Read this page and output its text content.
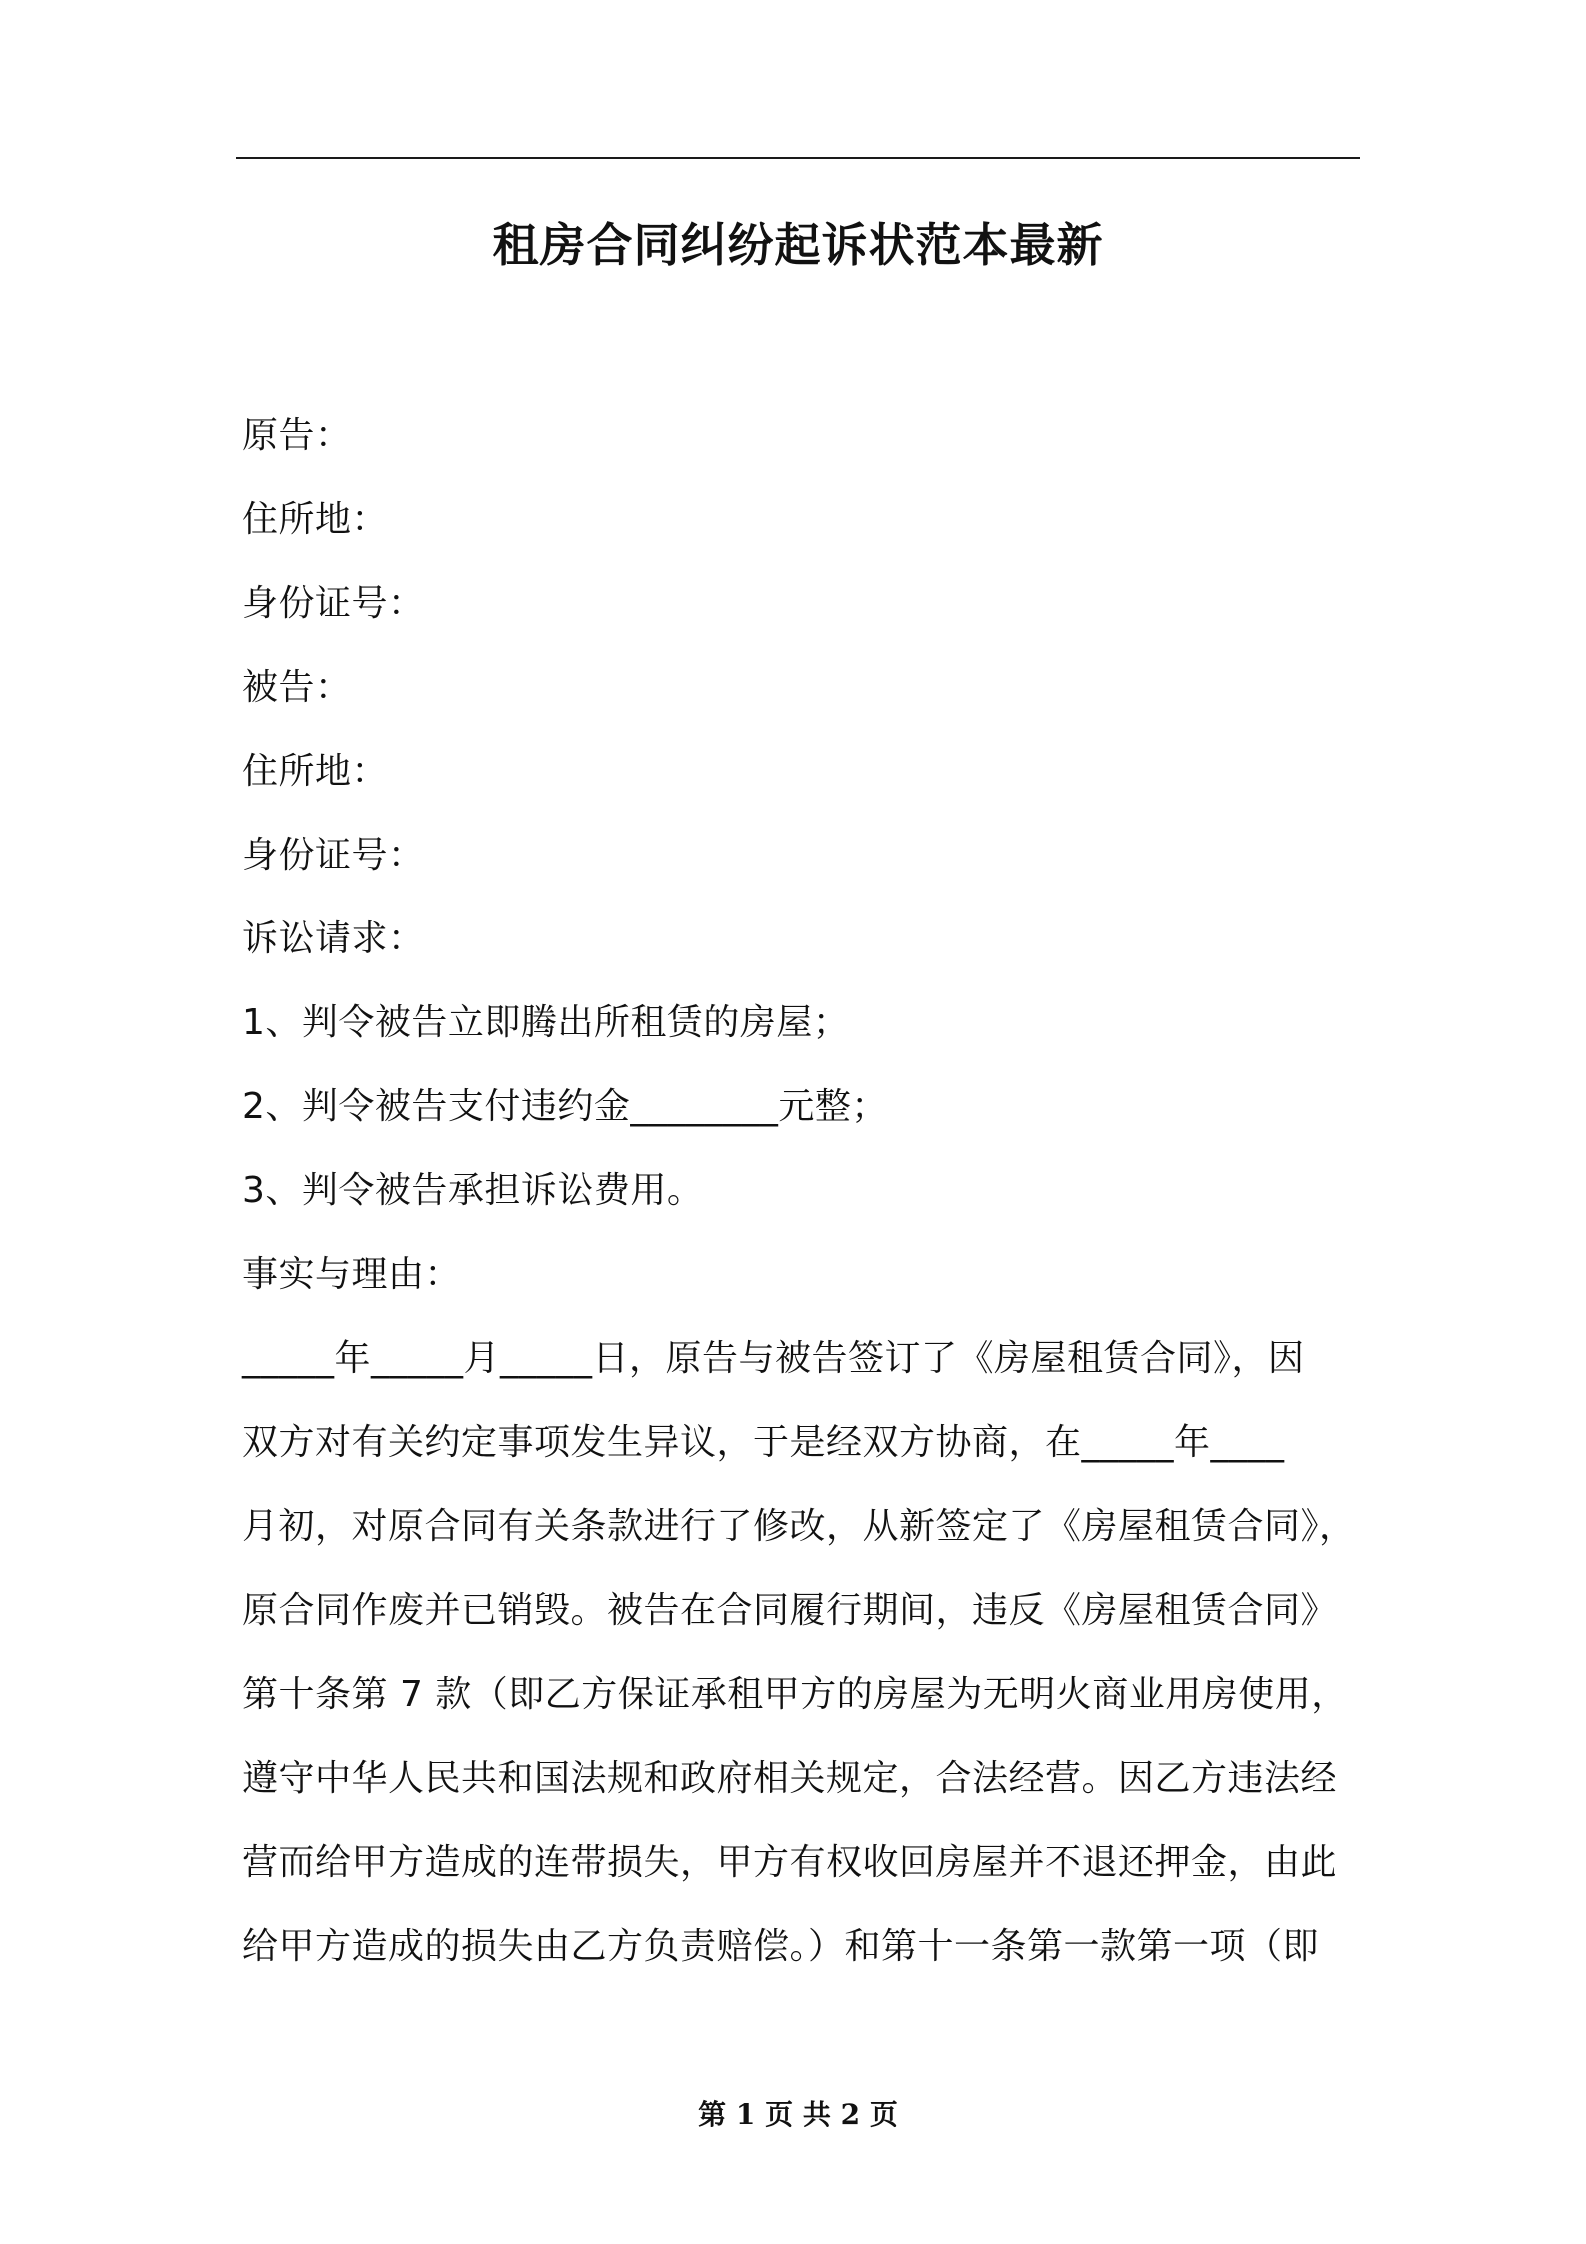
租房合同纠纷起诉状范本最新
原告：
住所地：
身份证号：
被告：
住所地：
身份证号：
诉讼请求：
1、判令被告立即腾出所租赁的房屋；
2、判令被告支付违约金________元整；
3、判令被告承担诉讼费用。
事实与理由：
_____年_____月_____日，原告与被告签订了《房屋租赁合同》，因
双方对有关约定事项发生异议，于是经双方协商，在_____年____
月初，对原合同有关条款进行了修改，从新签定了《房屋租赁合同》，
原合同作废并已销毁。被告在合同履行期间，违反《房屋租赁合同》
第十条第 7 款（即乙方保证承租甲方的房屋为无明火商业用房使用，
遵守中华人民共和国法规和政府相关规定，合法经营。因乙方违法经
营而给甲方造成的连带损失，甲方有权收回房屋并不退还押金，由此
给甲方造成的损失由乙方负责赔偿。）和第十一条第一款第一项（即
第 1 页 共 2 页
